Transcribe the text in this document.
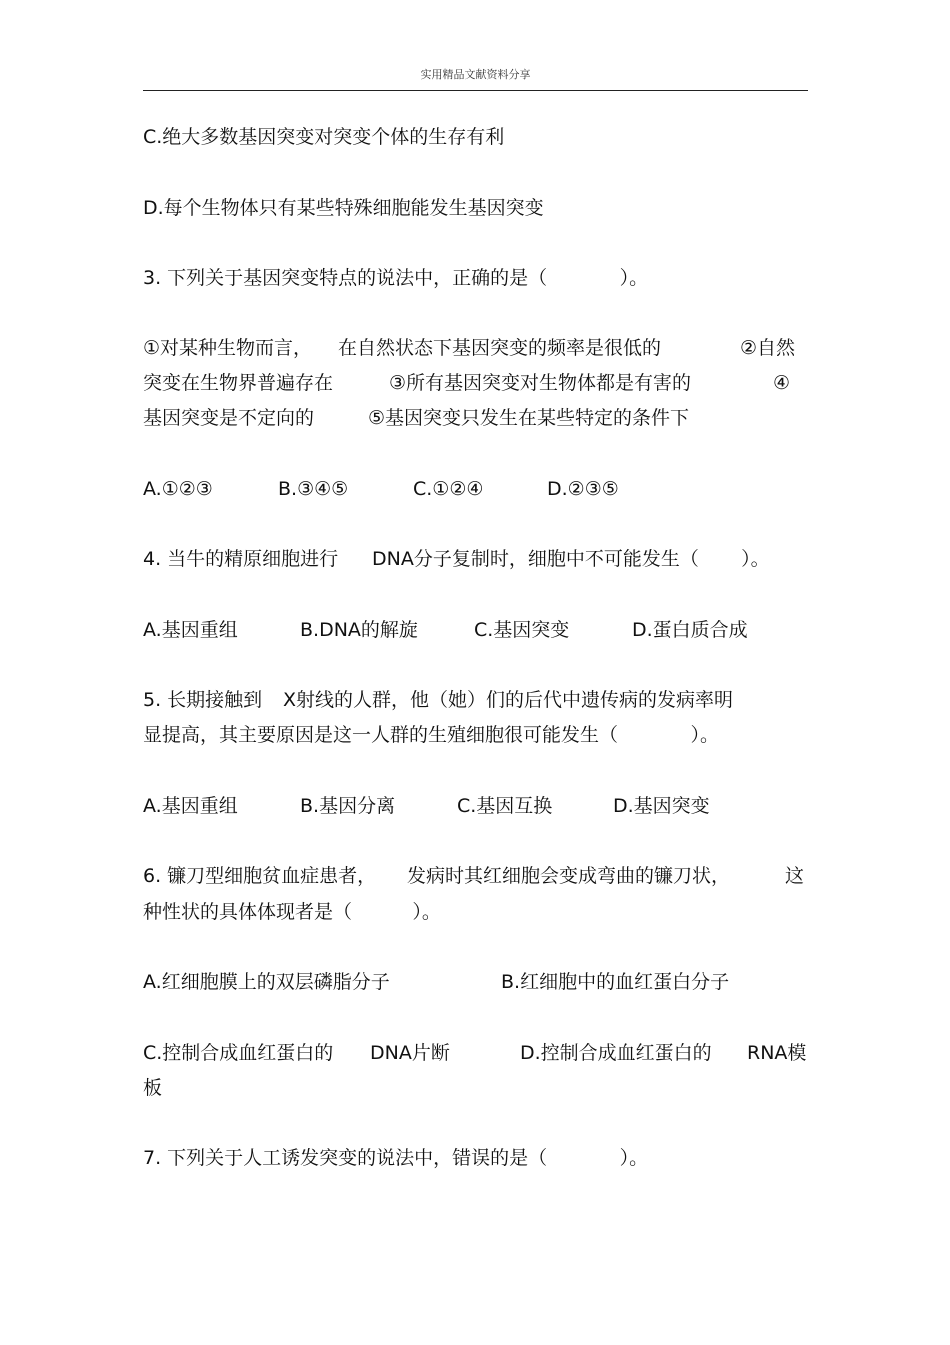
实用精品文献资料分享
C.绝大多数基因突变对突变个体的生存有利
D.每个生物体只有某些特殊细胞能发生基因突变
3. 下列关于基因突变特点的说法中，正确的是（            ）。
①对某种生物而言， 在自然状态下基因突变的频率是很低的	②自然
突变在生物界普遍存在	③所有基因突变对生物体都是有害的	④
基因突变是不定向的	⑤基因突变只发生在某些特定的条件下
A.①②③	B.③④⑤	C.①②④	D.②③⑤
4. 当牛的精原细胞进行 DNA分子复制时，细胞中不可能发生（       ）。
A.基因重组	B.DNA的解旋	C.基因突变	D.蛋白质合成
5. 长期接触到 X射线的人群，他（她）们的后代中遗传病的发病率明
显提高，其主要原因是这一人群的生殖细胞很可能发生（            ）。
A.基因重组	B.基因分离	C.基因互换	D.基因突变
6. 镰刀型细胞贫血症患者， 发病时其红细胞会变成弯曲的镰刀状，	这
种性状的具体体现者是（          ）。
A.红细胞膜上的双层磷脂分子	B.红细胞中的血红蛋白分子
C.控制合成血红蛋白的 DNA片断	D.控制合成血红蛋白的 RNA模
板
7. 下列关于人工诱发突变的说法中，错误的是（            ）。
